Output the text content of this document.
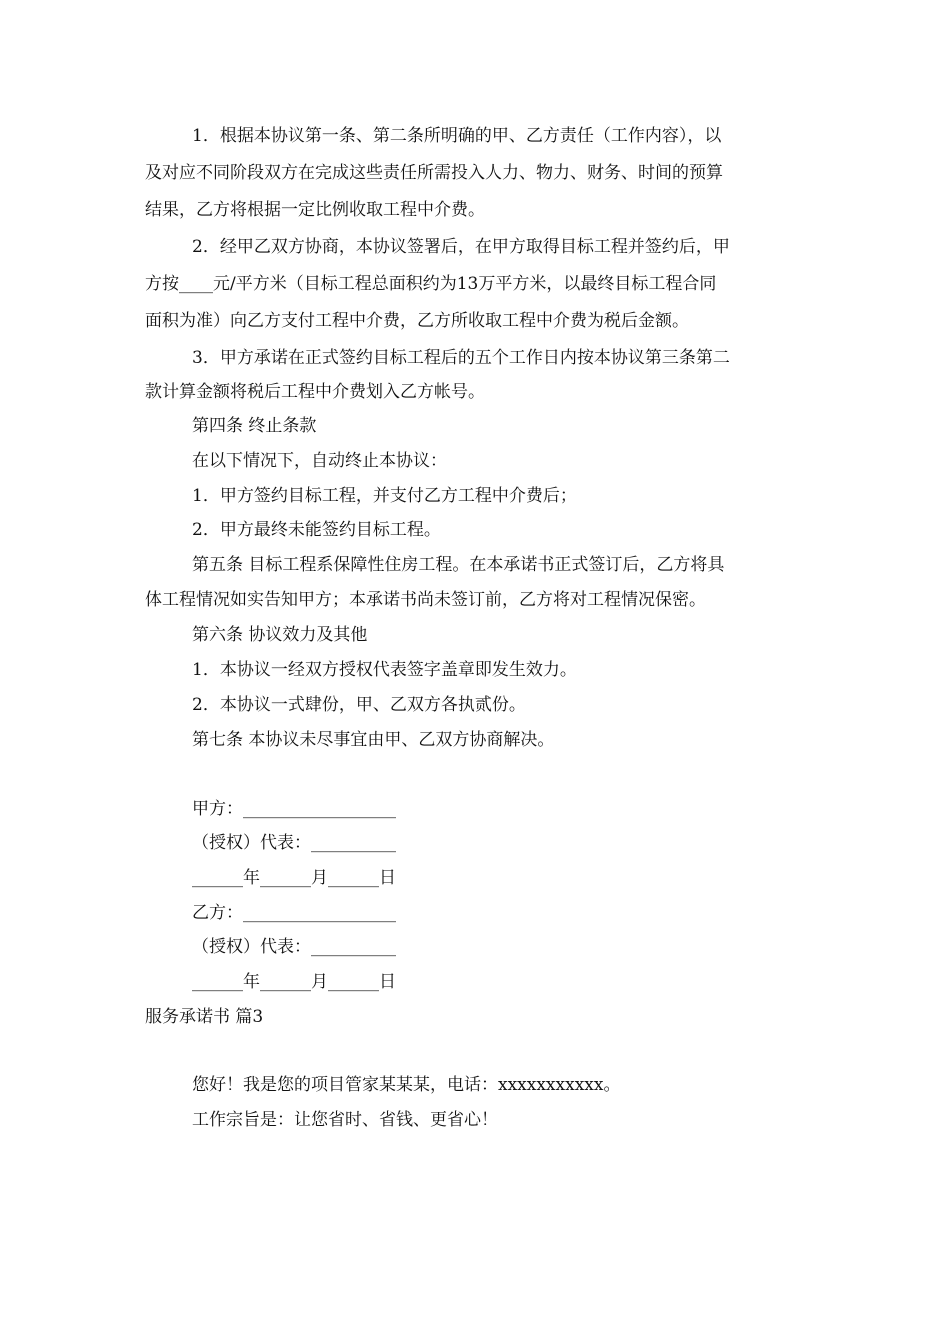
1．根据本协议第一条、第二条所明确的甲、乙方责任（工作内容），以
及对应不同阶段双方在完成这些责任所需投入人力、物力、财务、时间的预算
结果，乙方将根据一定比例收取工程中介费。
2．经甲乙双方协商，本协议签署后，在甲方取得目标工程并签约后，甲
方按____元/平方米（目标工程总面积约为13万平方米，以最终目标工程合同
面积为准）向乙方支付工程中介费，乙方所收取工程中介费为税后金额。
3．甲方承诺在正式签约目标工程后的五个工作日内按本协议第三条第二
款计算金额将税后工程中介费划入乙方帐号。
第四条 终止条款
在以下情况下，自动终止本协议：
1．甲方签约目标工程，并支付乙方工程中介费后；
2．甲方最终未能签约目标工程。
第五条 目标工程系保障性住房工程。在本承诺书正式签订后，乙方将具
体工程情况如实告知甲方；本承诺书尚未签订前，乙方将对工程情况保密。
第六条 协议效力及其他
1．本协议一经双方授权代表签字盖章即发生效力。
2．本协议一式肆份，甲、乙双方各执贰份。
第七条 本协议未尽事宜由甲、乙双方协商解决。
甲方：__________________
（授权）代表：__________
______年______月______日
乙方：__________________
（授权）代表：__________
______年______月______日
服务承诺书 篇3
您好！我是您的项目管家某某某，电话：xxxxxxxxxxx。
工作宗旨是：让您省时、省钱、更省心！
